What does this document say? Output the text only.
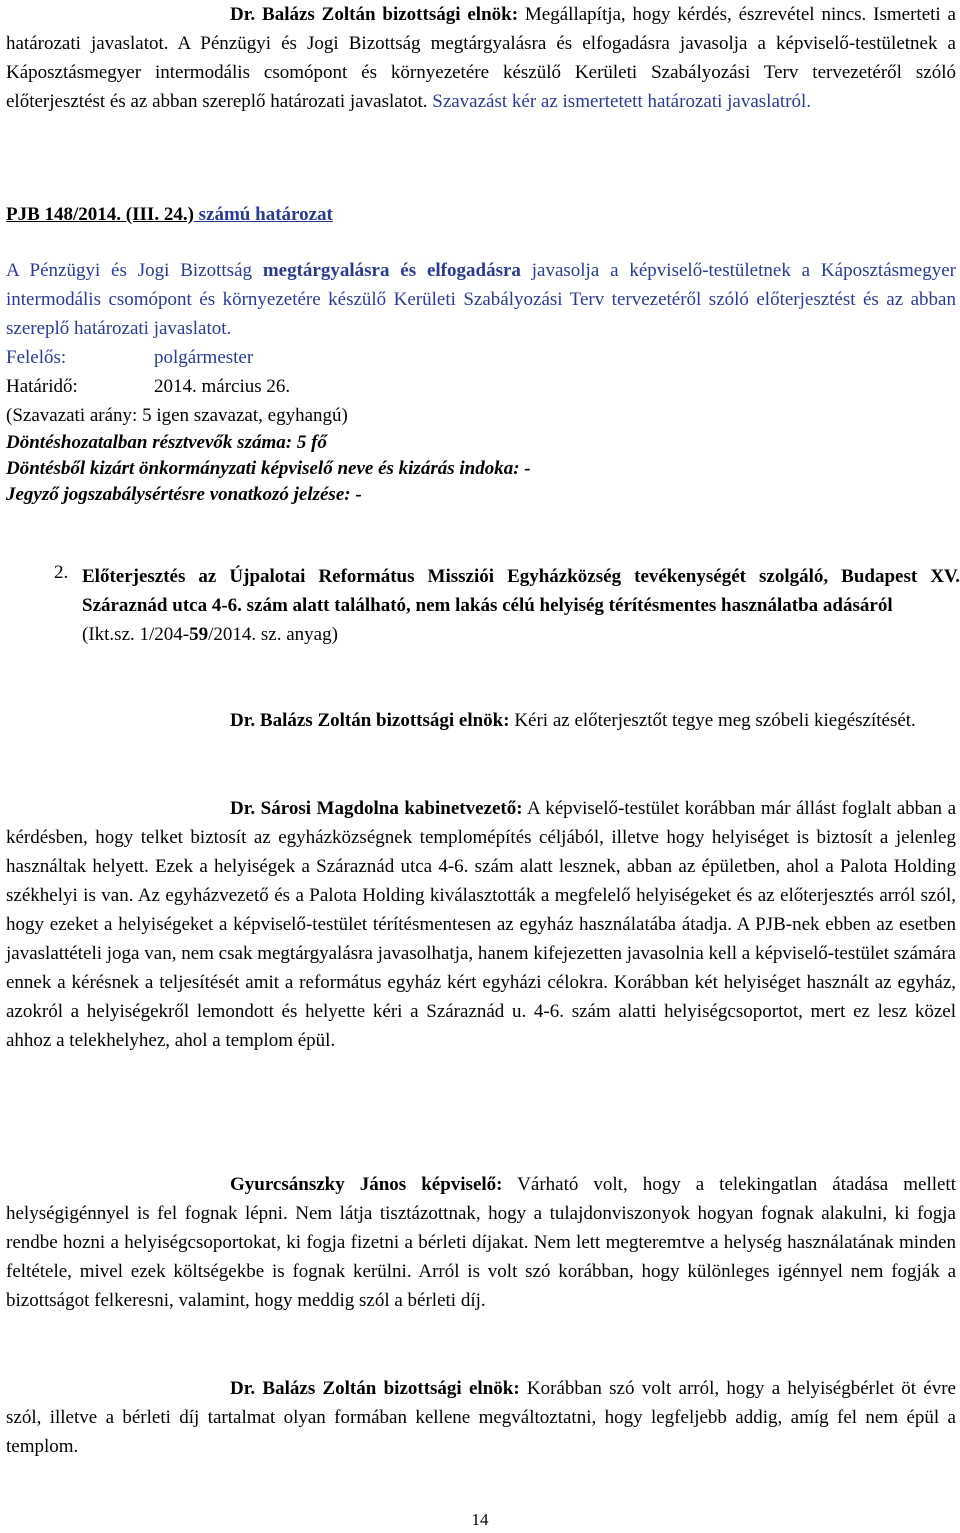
Dr. Balázs Zoltán bizottsági elnök: Megállapítja, hogy kérdés, észrevétel nincs. Ismerteti a határozati javaslatot. A Pénzügyi és Jogi Bizottság megtárgyalásra és elfogadásra javasolja a képviselő-testületnek a Káposztásmegyer intermodális csomópont és környezetére készülő Kerületi Szabályozási Terv tervezetéről szóló előterjesztést és az abban szereplő határozati javaslatot. Szavazást kér az ismertetett határozati javaslatról.

PJB 148/2014. (III. 24.) számú határozat

A Pénzügyi és Jogi Bizottság megtárgyalásra és elfogadásra javasolja a képviselő-testületnek a Káposztásmegyer intermodális csomópont és környezetére készülő Kerületi Szabályozási Terv tervezetéről szóló előterjesztést és az abban szereplő határozati javaslatot.

Felelős:	polgármester

Határidő:	2014. március 26.

(Szavazati arány: 5 igen szavazat, egyhangú)

Döntéshozatalban résztvevők száma: 5 fő

Döntésből kizárt önkormányzati képviselő neve és kizárás indoka: -

Jegyző jogszabálysértésre vonatkozó jelzése: -

2. Előterjesztés az Újpalotai Református Missziói Egyházközség tevékenységét szolgáló, Budapest XV. Száraznád utca 4-6. szám alatt található, nem lakás célú helyiség térítésmentes használatba adásáról

(Ikt.sz. 1/204-59/2014. sz. anyag)

Dr. Balázs Zoltán bizottsági elnök: Kéri az előterjesztőt tegye meg szóbeli kiegészítését.

Dr. Sárosi Magdolna kabinetvezető: A képviselő-testület korábban már állást foglalt abban a kérdésben, hogy telket biztosít az egyházközségnek templomépítés céljából, illetve hogy helyiséget is biztosít a jelenleg használtak helyett. Ezek a helyiségek a Száraznád utca 4-6. szám alatt lesznek, abban az épületben, ahol a Palota Holding székhelyi is van. Az egyházvezető és a Palota Holding kiválasztották a megfelelő helyiségeket és az előterjesztés arról szól, hogy ezeket a helyiségeket a képviselő-testület térítésmentesen az egyház használatába átadja. A PJB-nek ebben az esetben javaslattételi joga van, nem csak megtárgyalásra javasolhatja, hanem kifejezetten javasolnia kell a képviselő-testület számára ennek a kérésnek a teljesítését amit a református egyház kért egyházi célokra. Korábban két helyiséget használt az egyház, azokról a helyiségekről lemondott és helyette kéri a Száraznád u. 4-6. szám alatti helyiségcsoportot, mert ez lesz közel ahhoz a telekhelyhez, ahol a templom épül.

Gyurcsánszky János képviselő: Várható volt, hogy a telekingatlan átadása mellett helységigénnyel is fel fognak lépni. Nem látja tisztázottnak, hogy a tulajdonviszonyok hogyan fognak alakulni, ki fogja rendbe hozni a helyiségcsoportokat, ki fogja fizetni a bérleti díjakat. Nem lett megteremtve a helység használatának minden feltétele, mivel ezek költségekbe is fognak kerülni. Arról is volt szó korábban, hogy különleges igénnyel nem fogják a bizottságot felkeresni, valamint, hogy meddig szól a bérleti díj.

Dr. Balázs Zoltán bizottsági elnök: Korábban szó volt arról, hogy a helyiségbérlet öt évre szól, illetve a bérleti díj tartalmat olyan formában kellene megváltoztatni, hogy legfeljebb addig, amíg fel nem épül a templom.

14
